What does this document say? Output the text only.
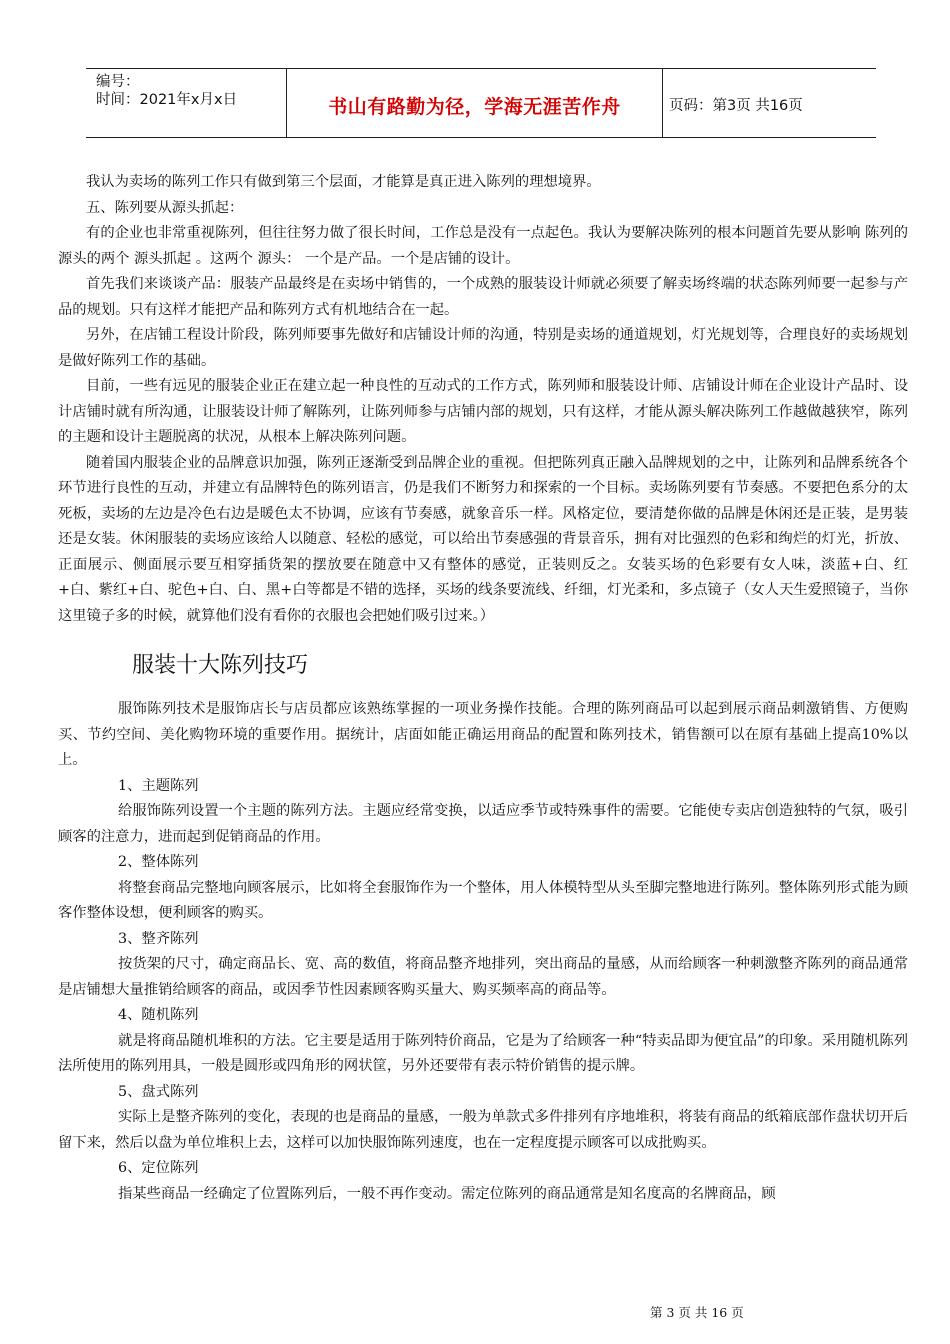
编号：
时间：2021年x月x日	书山有路勤为径，学海无涯苦作舟	页码：第3页 共16页

我认为卖场的陈列工作只有做到第三个层面，才能算是真正进入陈列的理想境界。

五、陈列要从源头抓起：

有的企业也非常重视陈列，但往往努力做了很长时间，工作总是没有一点起色。我认为要解决陈列的根本问题首先要从影响 陈列的源头的两个 源头抓起 。这两个 源头： 一个是产品。一个是店铺的设计。

首先我们来谈谈产品：服装产品最终是在卖场中销售的，一个成熟的服装设计师就必须要了解卖场终端的状态陈列师要一起参与产品的规划。只有这样才能把产品和陈列方式有机地结合在一起。

另外，在店铺工程设计阶段，陈列师要事先做好和店铺设计师的沟通，特别是卖场的通道规划，灯光规划等，合理良好的卖场规划是做好陈列工作的基础。

目前，一些有远见的服装企业正在建立起一种良性的互动式的工作方式，陈列师和服装设计师、店铺设计师在企业设计产品时、设计店铺时就有所沟通，让服装设计师了解陈列，让陈列师参与店铺内部的规划，只有这样，才能从源头解决陈列工作越做越狭窄，陈列的主题和设计主题脱离的状况，从根本上解决陈列问题。

随着国内服装企业的品牌意识加强，陈列正逐渐受到品牌企业的重视。但把陈列真正融入品牌规划的之中，让陈列和品牌系统各个环节进行良性的互动，并建立有品牌特色的陈列语言，仍是我们不断努力和探索的一个目标。卖场陈列要有节奏感。不要把色系分的太死板，卖场的左边是冷色右边是暖色太不协调，应该有节奏感，就象音乐一样。风格定位，要清楚你做的品牌是休闲还是正装，是男装还是女装。休闲服装的卖场应该给人以随意、轻松的感觉，可以给出节奏感强的背景音乐，拥有对比强烈的色彩和绚烂的灯光，折放、正面展示、侧面展示要互相穿插货架的摆放要在随意中又有整体的感觉，正装则反之。女装买场的色彩要有女人味，淡蓝+白、红+白、紫红+白、驼色+白、白、黑+白等都是不错的选择，买场的线条要流线、纤细，灯光柔和，多点镜子（女人天生爱照镜子，当你这里镜子多的时候，就算他们没有看你的衣服也会把她们吸引过来。）

服装十大陈列技巧

服饰陈列技术是服饰店长与店员都应该熟练掌握的一项业务操作技能。合理的陈列商品可以起到展示商品刺激销售、方便购买、节约空间、美化购物环境的重要作用。据统计，店面如能正确运用商品的配置和陈列技术，销售额可以在原有基础上提高10%以上。

1、主题陈列

给服饰陈列设置一个主题的陈列方法。主题应经常变换，以适应季节或特殊事件的需要。它能使专卖店创造独特的气氛，吸引顾客的注意力，进而起到促销商品的作用。

2、整体陈列

将整套商品完整地向顾客展示，比如将全套服饰作为一个整体，用人体模特型从头至脚完整地进行陈列。整体陈列形式能为顾客作整体设想，便利顾客的购买。

3、整齐陈列

按货架的尺寸，确定商品长、宽、高的数值，将商品整齐地排列，突出商品的量感，从而给顾客一种刺激整齐陈列的商品通常是店铺想大量推销给顾客的商品，或因季节性因素顾客购买量大、购买频率高的商品等。

4、随机陈列

就是将商品随机堆积的方法。它主要是适用于陈列特价商品，它是为了给顾客一种“特卖品即为便宜品”的印象。采用随机陈列法所使用的陈列用具，一般是圆形或四角形的网状筐，另外还要带有表示特价销售的提示牌。

5、盘式陈列

实际上是整齐陈列的变化，表现的也是商品的量感，一般为单款式多件排列有序地堆积，将装有商品的纸箱底部作盘状切开后留下来，然后以盘为单位堆积上去，这样可以加快服饰陈列速度，也在一定程度提示顾客可以成批购买。

6、定位陈列

指某些商品一经确定了位置陈列后，一般不再作变动。需定位陈列的商品通常是知名度高的名牌商品，顾

第 3 页 共 16 页
